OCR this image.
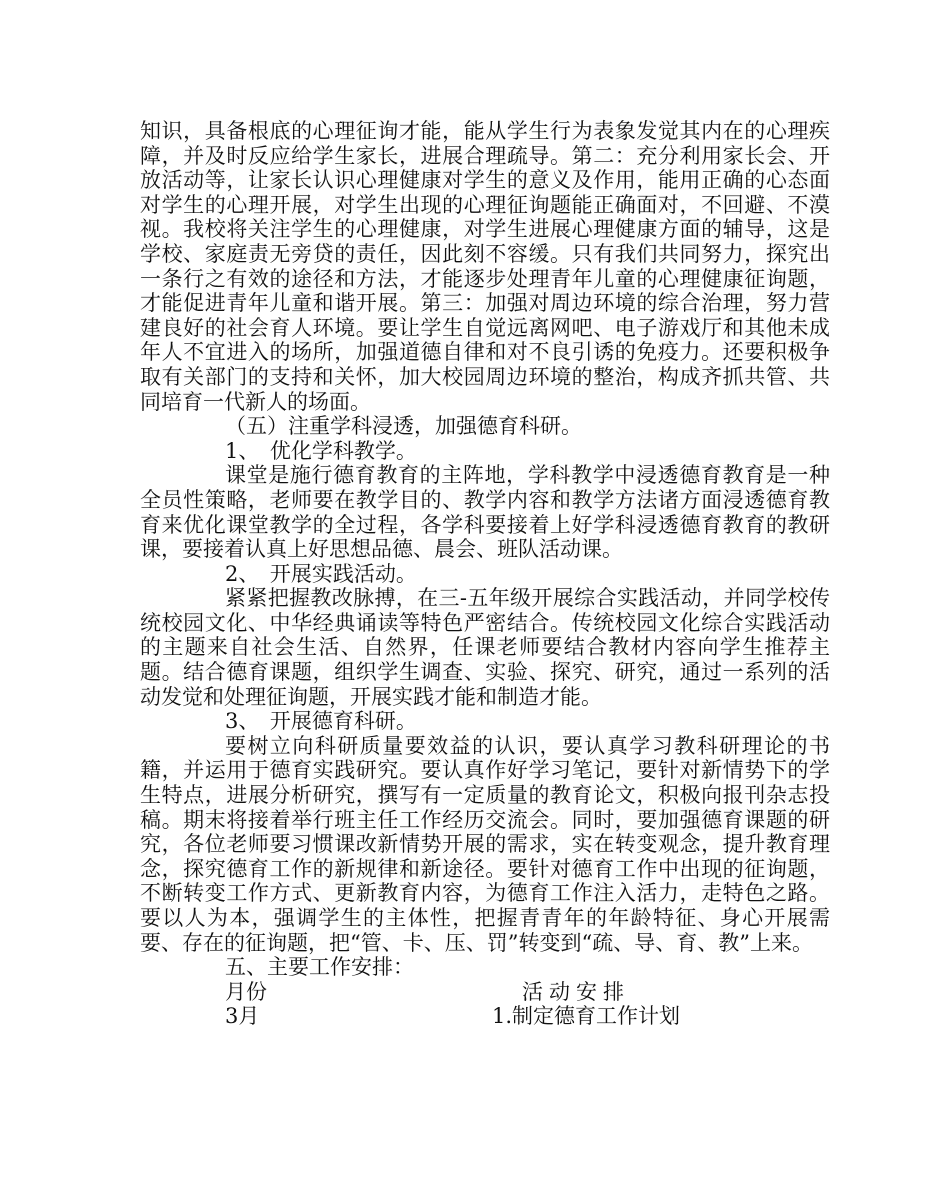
知识，具备根底的心理征询才能，能从学生行为表象发觉其内在的心理疾障，并及时反应给学生家长，进展合理疏导。第二：充分利用家长会、开放活动等，让家长认识心理健康对学生的意义及作用，能用正确的心态面对学生的心理开展，对学生出现的心理征询题能正确面对，不回避、不漠视。我校将关注学生的心理健康，对学生进展心理健康方面的辅导，这是学校、家庭责无旁贷的责任，因此刻不容缓。只有我们共同努力，探究出一条行之有效的途径和方法，才能逐步处理青年儿童的心理健康征询题，才能促进青年儿童和谐开展。第三：加强对周边环境的综合治理，努力营建良好的社会育人环境。要让学生自觉远离网吧、电子游戏厅和其他未成年人不宜进入的场所，加强道德自律和对不良引诱的免疫力。还要积极争取有关部门的支持和关怀，加大校园周边环境的整治，构成齐抓共管、共同培育一代新人的场面。

（五）注重学科浸透，加强德育科研。

1、　优化学科教学。

课堂是施行德育教育的主阵地，学科教学中浸透德育教育是一种全员性策略，老师要在教学目的、教学内容和教学方法诸方面浸透德育教育来优化课堂教学的全过程，各学科要接着上好学科浸透德育教育的教研课，要接着认真上好思想品德、晨会、班队活动课。

2、　开展实践活动。

紧紧把握教改脉搏，在三-五年级开展综合实践活动，并同学校传统校园文化、中华经典诵读等特色严密结合。传统校园文化综合实践活动的主题来自社会生活、自然界，任课老师要结合教材内容向学生推荐主题。结合德育课题，组织学生调查、实验、探究、研究，通过一系列的活动发觉和处理征询题，开展实践才能和制造才能。

3、　开展德育科研。

要树立向科研质量要效益的认识，要认真学习教科研理论的书籍，并运用于德育实践研究。要认真作好学习笔记，要针对新情势下的学生特点，进展分析研究，撰写有一定质量的教育论文，积极向报刊杂志投稿。期末将接着举行班主任工作经历交流会。同时，要加强德育课题的研究，各位老师要习惯课改新情势开展的需求，实在转变观念，提升教育理念，探究德育工作的新规律和新途径。要针对德育工作中出现的征询题，不断转变工作方式、更新教育内容，为德育工作注入活力，走特色之路。要以人为本，强调学生的主体性，把握青青年的年龄特征、身心开展需要、存在的征询题，把“管、卡、压、罚”转变到“疏、导、育、教”上来。

五、主要工作安排：

月份	活动安排
3月	1.制定德育工作计划
